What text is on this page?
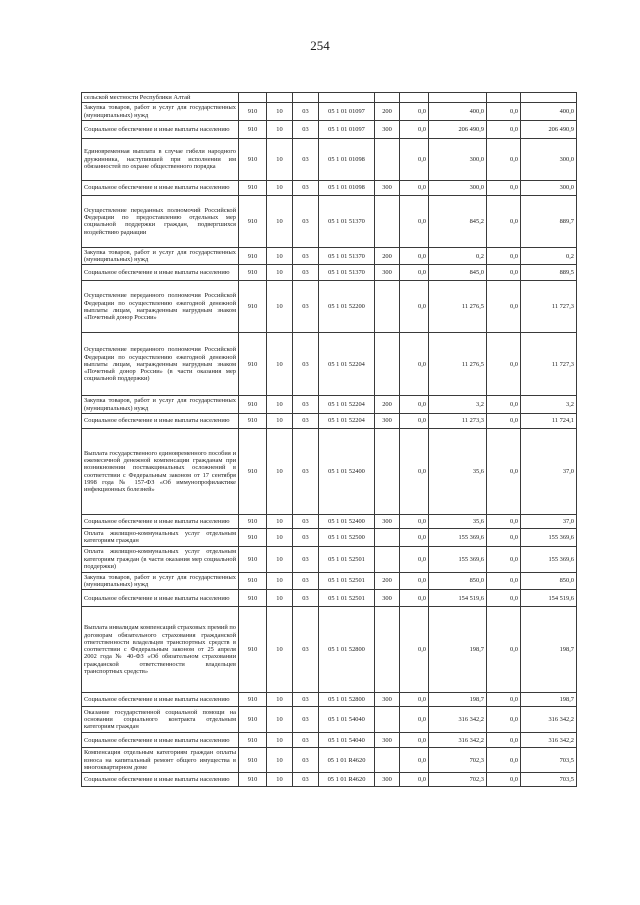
254
сельской местности Республики Алтай									
Закупка товаров, работ и услуг для государственных (муниципальных) нужд	910	10	03	05 1 01 01097	200	0,0	400,0	0,0	400,0
Социальное обеспечение и иные выплаты населению	910	10	03	05 1 01 01097	300	0,0	206 490,9	0,0	206 490,9
Единовременная выплата в случае гибели народного дружинника, наступившей при исполнении им обязанностей по охране общественного порядка	910	10	03	05 1 01 01098		0,0	300,0	0,0	300,0
Социальное обеспечение и иные выплаты населению	910	10	03	05 1 01 01098	300	0,0	300,0	0,0	300,0
Осуществление переданных полномочий Российской Федерации по предоставлению отдельных мер социальной поддержки граждан, подвергшихся воздействию радиации	910	10	03	05 1 01 51370		0,0	845,2	0,0	889,7
Закупка товаров, работ и услуг для государственных (муниципальных) нужд	910	10	03	05 1 01 51370	200	0,0	0,2	0,0	0,2
Социальное обеспечение и иные выплаты населению	910	10	03	05 1 01 51370	300	0,0	845,0	0,0	889,5
Осуществление переданного полномочия Российской Федерации по осуществлению ежегодной денежной выплаты лицам, награжденным нагрудным знаком «Почетный донор России»	910	10	03	05 1 01 52200		0,0	11 276,5	0,0	11 727,3
Осуществление переданного полномочия Российской Федерации по осуществлению ежегодной денежной выплаты лицам, награжденным нагрудным знаком «Почетный донор России» (в части оказания мер социальной поддержки)	910	10	03	05 1 01 52204		0,0	11 276,5	0,0	11 727,3
Закупка товаров, работ и услуг для государственных (муниципальных) нужд	910	10	03	05 1 01 52204	200	0,0	3,2	0,0	3,2
Социальное обеспечение и иные выплаты населению	910	10	03	05 1 01 52204	300	0,0	11 273,3	0,0	11 724,1
Выплата государственного единовременного пособия и ежемесячной денежной компенсации гражданам при возникновении поствакцинальных осложнений в соответствии с Федеральным законом от 17 сентября 1998 года № 157-ФЗ «Об иммунопрофилактике инфекционных болезней»	910	10	03	05 1 01 52400		0,0	35,6	0,0	37,0
Социальное обеспечение и иные выплаты населению	910	10	03	05 1 01 52400	300	0,0	35,6	0,0	37,0
Оплата жилищно-коммунальных услуг отдельным категориям граждан	910	10	03	05 1 01 52500		0,0	155 369,6	0,0	155 369,6
Оплата жилищно-коммунальных услуг отдельным категориям граждан (в части оказания мер социальной поддержки)	910	10	03	05 1 01 52501		0,0	155 369,6	0,0	155 369,6
Закупка товаров, работ и услуг для государственных (муниципальных) нужд	910	10	03	05 1 01 52501	200	0,0	850,0	0,0	850,0
Социальное обеспечение и иные выплаты населению	910	10	03	05 1 01 52501	300	0,0	154 519,6	0,0	154 519,6
Выплата инвалидам компенсаций страховых премий по договорам обязательного страхования гражданской ответственности владельцев транспортных средств в соответствии с Федеральным законом от 25 апреля 2002 года № 40-ФЗ «Об обязательном страховании гражданской ответственности владельцев транспортных средств»	910	10	03	05 1 01 52800		0,0	198,7	0,0	198,7
Социальное обеспечение и иные выплаты населению	910	10	03	05 1 01 52800	300	0,0	198,7	0,0	198,7
Оказание государственной социальной помощи на основании социального контракта отдельным категориям граждан	910	10	03	05 1 01 54040		0,0	316 342,2	0,0	316 342,2
Социальное обеспечение и иные выплаты населению	910	10	03	05 1 01 54040	300	0,0	316 342,2	0,0	316 342,2
Компенсация отдельным категориям граждан оплаты взноса на капитальный ремонт общего имущества в многоквартирном доме	910	10	03	05 1 01 R4620		0,0	702,3	0,0	703,5
Социальное обеспечение и иные выплаты населению	910	10	03	05 1 01 R4620	300	0,0	702,3	0,0	703,5
